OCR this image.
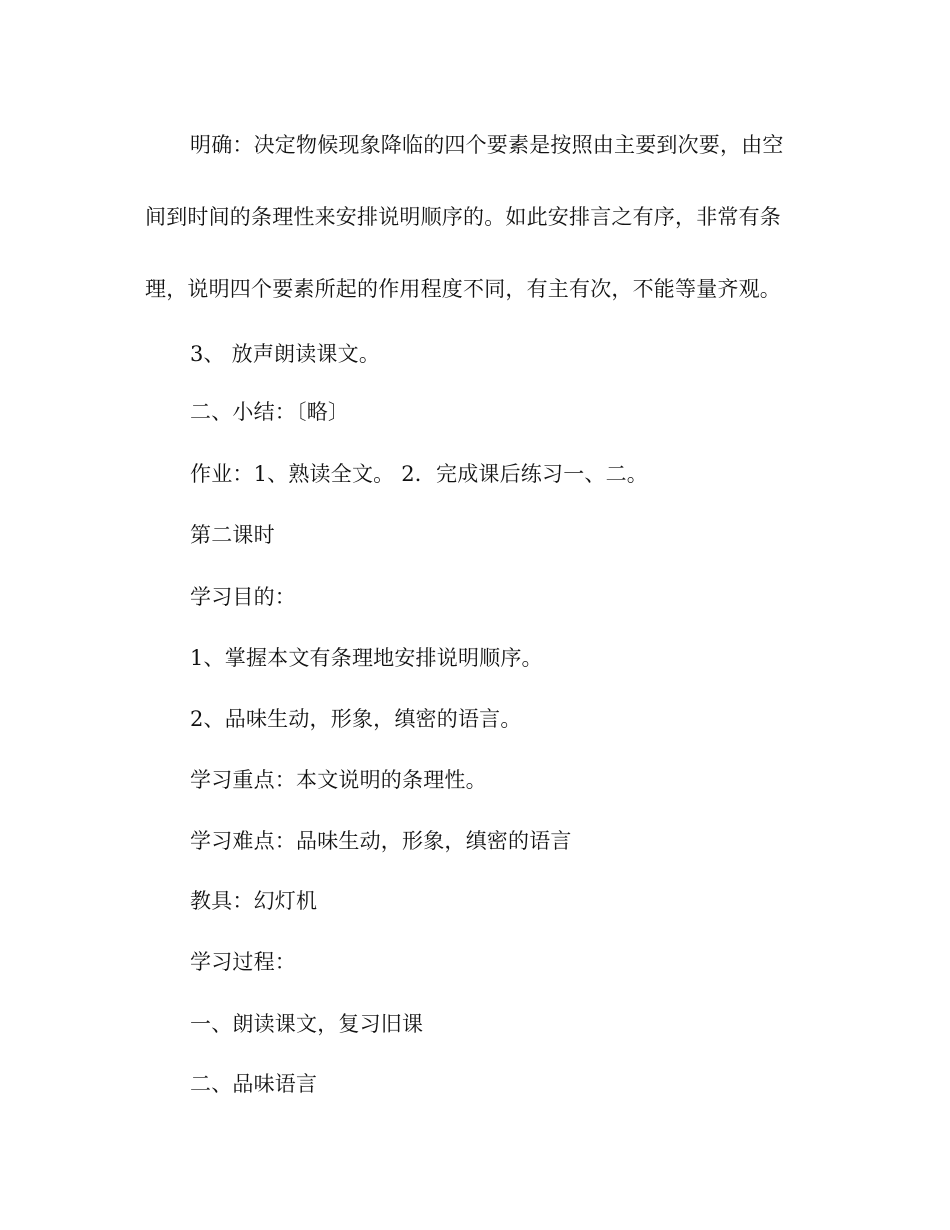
明确：决定物候现象降临的四个要素是按照由主要到次要，由空
间到时间的条理性来安排说明顺序的。如此安排言之有序，非常有条
理，说明四个要素所起的作用程度不同，有主有次，不能等量齐观。
3、 放声朗读课文。
二、小结：〔略〕
作业：1、熟读全文。 2．完成课后练习一、二。
第二课时
学习目的：
1、掌握本文有条理地安排说明顺序。
2、品味生动，形象，缜密的语言。
学习重点：本文说明的条理性。
学习难点：品味生动，形象，缜密的语言
教具：幻灯机
学习过程：
一、朗读课文，复习旧课
二、品味语言
